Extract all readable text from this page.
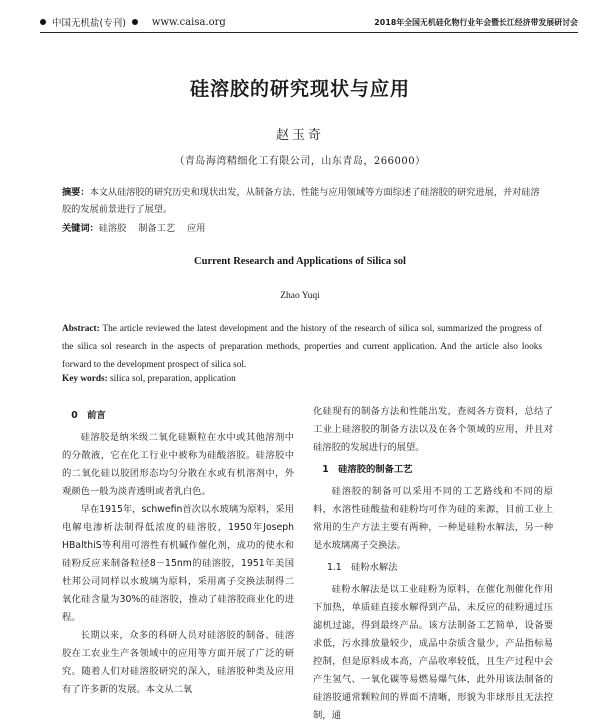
中国无机盐(专刊)	www.caisa.org	2018年全国无机硅化物行业年会暨长江经济带发展研讨会
硅溶胶的研究现状与应用
赵玉奇
（青岛海湾精细化工有限公司，山东青岛，266000）
摘要：本文从硅溶胶的研究历史和现状出发，从制备方法、性能与应用领域等方面综述了硅溶胶的研究进展，并对硅溶胶的发展前景进行了展望。
关键词：硅溶胶 制备工艺 应用
Current Research and Applications of Silica sol
Zhao Yuqi
Abstract: The article reviewed the latest development and the history of the research of silica sol, summarized the progress of the silica sol research in the aspects of preparation methods, properties and current application. And the article also looks forward to the development prospect of silica sol.
Key words: silica sol, preparation, application
0　前言

硅溶胶是纳米级二氧化硅颗粒在水中或其他溶剂中的分散液，它在化工行业中被称为硅酸溶胶。硅溶胶中的二氧化硅以胶团形态均匀分散在水或有机溶剂中，外观颜色一般为淡青透明或者乳白色。

早在1915年，schwefin首次以水玻璃为原料，采用电解电渗析法制得低浓度的硅溶胶，1950年Joseph HBalthiS等利用可溶性有机碱作催化剂，成功的使水和硅粉反应来制备粒径8－15nm的硅溶胶，1951年美国杜邦公司同样以水玻璃为原料，采用离子交换法制得二氧化硅含量为30%的硅溶胶，推动了硅溶胶商业化的进程。

长期以来，众多的科研人员对硅溶胶的制备、硅溶胶在工农业生产各领域中的应用等方面开展了广泛的研究。随着人们对硅溶胶研究的深入，硅溶胶种类及应用有了许多新的发展。本文从二氧

化硅现有的制备方法和性能出发，查阅各方资料，总结了工业上硅溶胶的制备方法以及在各个领域的应用，并且对硅溶胶的发展进行的展望。

1　硅溶胶的制备工艺

硅溶胶的制备可以采用不同的工艺路线和不同的原料，水溶性硅酸盐和硅粉均可作为硅的来源，目前工业上常用的生产方法主要有两种，一种是硅粉水解法，另一种是水玻璃离子交换法。

1.1　硅粉水解法

硅粉水解法是以工业硅粉为原料，在催化剂催化作用下加热，单质硅直接水解得到产品，未反应的硅粉通过压滤机过滤，得到最终产品。该方法制备工艺简单，设备要求低，污水排放量较少，成品中杂质含量少，产品指标易控制，但是原料成本高，产品收率较低，且生产过程中会产生氢气、一氧化碳等易燃易爆气体，此外用该法制备的硅溶胶通常颗粒间的界面不清晰，形貌为非球形且无法控制，通
